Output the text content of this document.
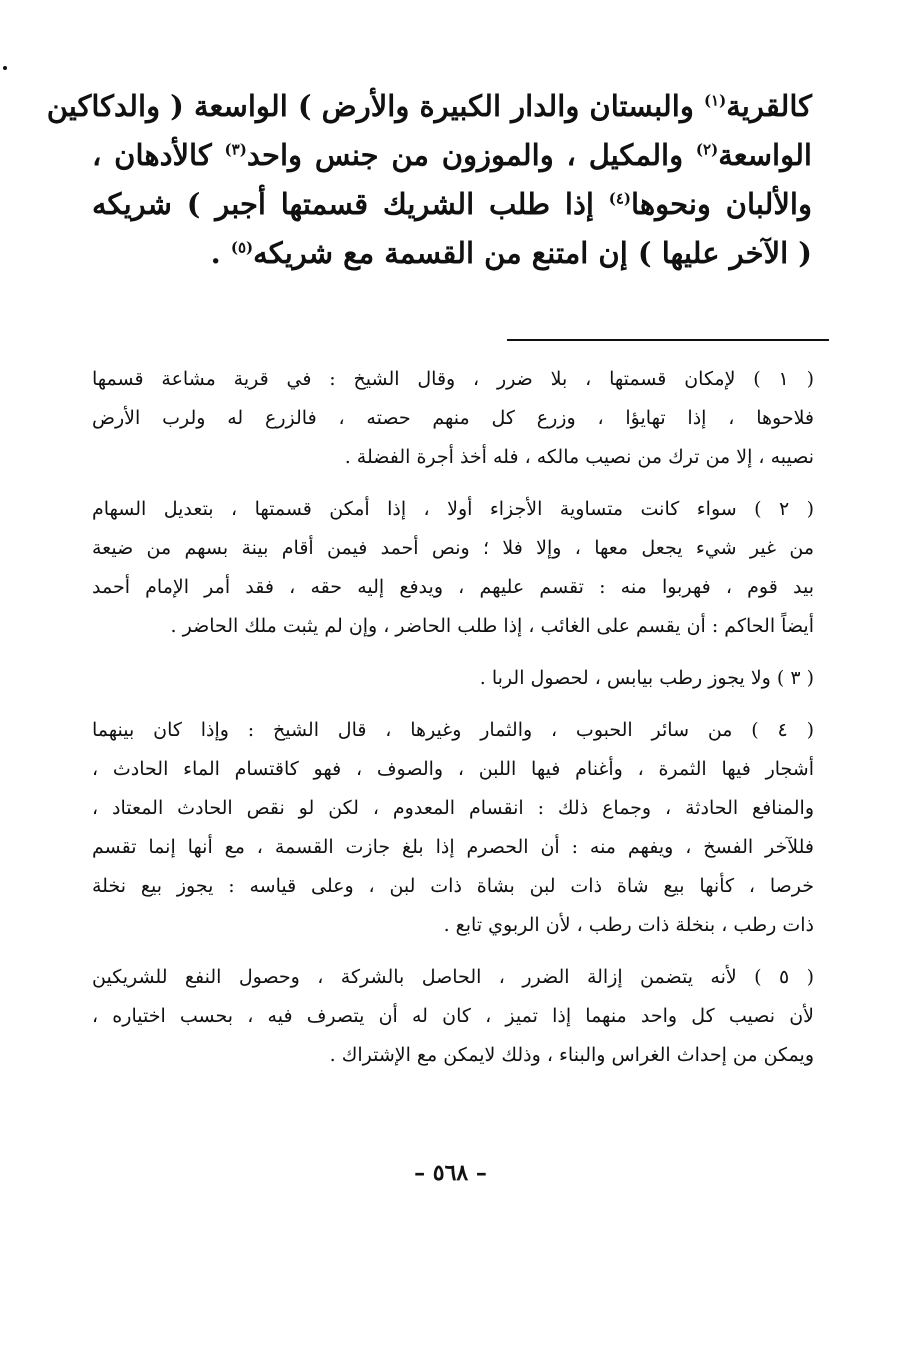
كالقرية$^{(١)}$ والبستان والدار الكبيرة والأرض ) الواسعة ( والدكاكين
الواسعة$^{(٢)}$ والمكيل ، والموزون من جنس واحد$^{(٣)}$ كالأدهان ،
والألبان ونحوها$^{(٤)}$ إذا طلب الشريك قسمتها أجبر ) شريكه
( الآخر عليها ) إن امتنع من القسمة مع شريكه$^{(٥)}$ .
( ١ ) لإمكان قسمتها ، بلا ضرر ، وقال الشيخ : في قرية مشاعة قسمها
فلاحوها ، إذا تهايؤا ، وزرع كل منهم حصته ، فالزرع له ولرب الأرض
نصيبه ، إلا من ترك من نصيب مالكه ، فله أخذ أجرة الفضلة .
( ٢ ) سواء كانت متساوية الأجزاء أولا ، إذا أمكن قسمتها ، بتعديل السهام
من غير شيء يجعل معها ، وإلا فلا ؛ ونص أحمد فيمن أقام بينة بسهم من ضيعة
بيد قوم ، فهربوا منه : تقسم عليهم ، ويدفع إليه حقه ، فقد أمر الإمام أحمد
أيضاً الحاكم : أن يقسم على الغائب ، إذا طلب الحاضر ، وإن لم يثبت ملك الحاضر .
( ٣ ) ولا يجوز رطب بيابس ، لحصول الربا .
( ٤ ) من سائر الحبوب ، والثمار وغيرها ، قال الشيخ : وإذا كان بينهما
أشجار فيها الثمرة ، وأغنام فيها اللبن ، والصوف ، فهو كاقتسام الماء الحادث ،
والمنافع الحادثة ، وجماع ذلك : انقسام المعدوم ، لكن لو نقص الحادث المعتاد ،
فللآخر الفسخ ، ويفهم منه : أن الحصرم إذا بلغ جازت القسمة ، مع أنها إنما تقسم
خرصا ، كأنها بيع شاة ذات لبن بشاة ذات لبن ، وعلى قياسه : يجوز بيع نخلة
ذات رطب ، بنخلة ذات رطب ، لأن الربوي تابع .
( ٥ ) لأنه يتضمن إزالة الضرر ، الحاصل بالشركة ، وحصول النفع للشريكين
لأن نصيب كل واحد منهما إذا تميز ، كان له أن يتصرف فيه ، بحسب اختياره ،
ويمكن من إحداث الغراس والبناء ، وذلك لايمكن مع الإشتراك .
– ٥٦٨ –
